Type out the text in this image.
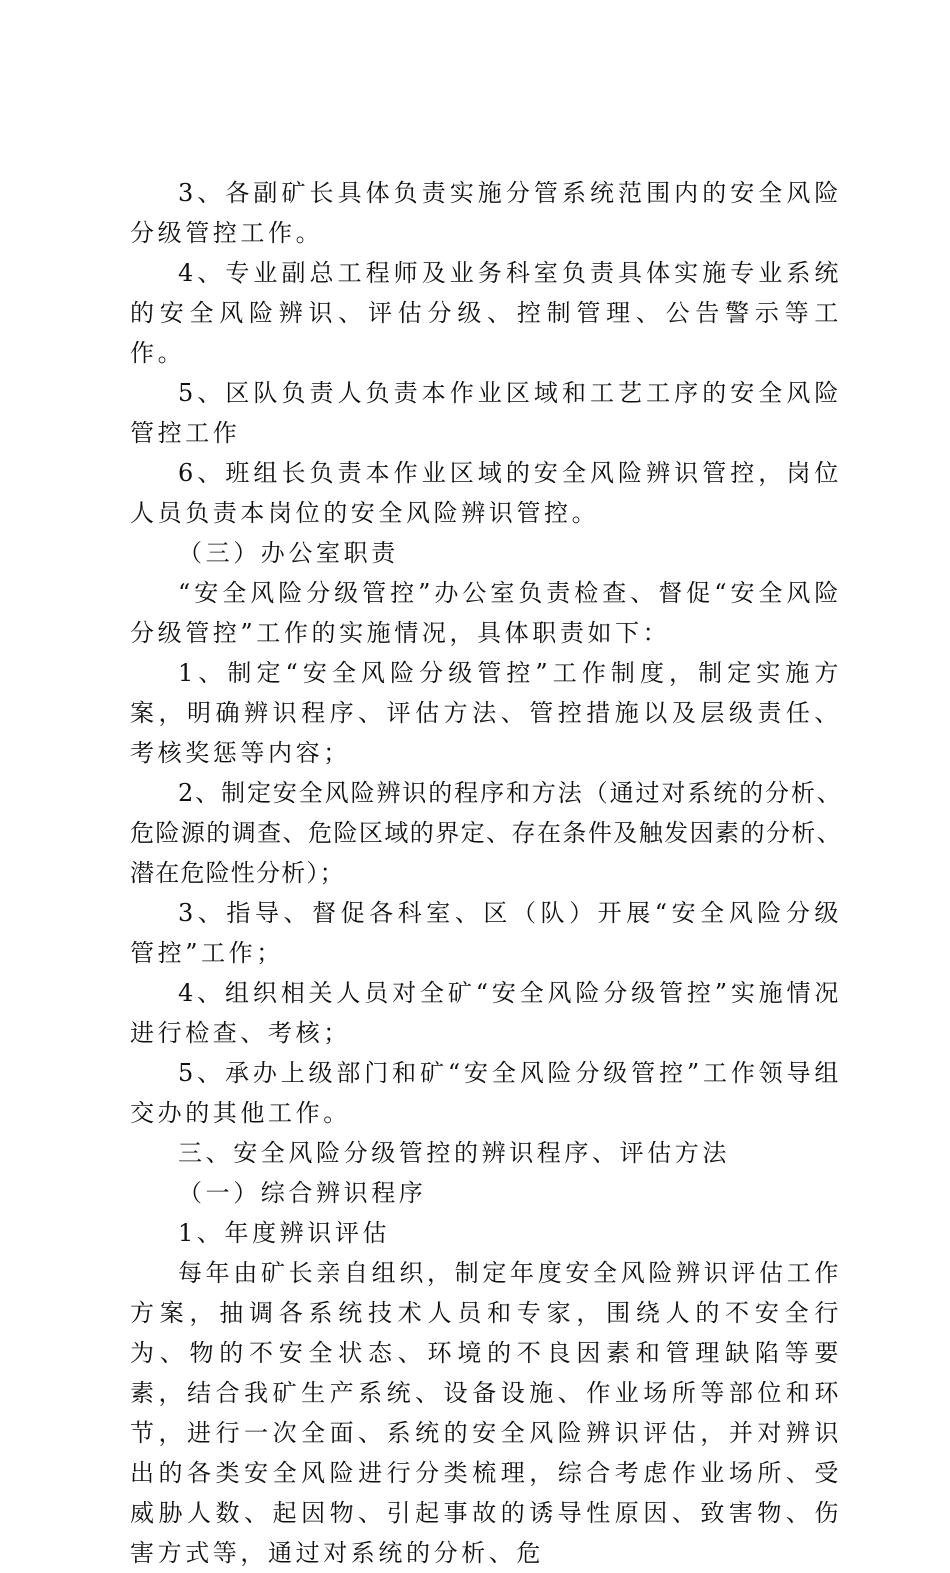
3、各副矿长具体负责实施分管系统范围内的安全风险分级管控工作。

4、专业副总工程师及业务科室负责具体实施专业系统的安全风险辨识、评估分级、控制管理、公告警示等工作。

5、区队负责人负责本作业区域和工艺工序的安全风险管控工作

6、班组长负责本作业区域的安全风险辨识管控，岗位人员负责本岗位的安全风险辨识管控。

（三）办公室职责

“安全风险分级管控”办公室负责检查、督促“安全风险分级管控”工作的实施情况，具体职责如下：

1、制定“安全风险分级管控”工作制度，制定实施方案，明确辨识程序、评估方法、管控措施以及层级责任、考核奖惩等内容；

2、制定安全风险辨识的程序和方法（通过对系统的分析、危险源的调查、危险区域的界定、存在条件及触发因素的分析、潜在危险性分析）；

3、指导、督促各科室、区（队）开展“安全风险分级管控”工作；

4、组织相关人员对全矿“安全风险分级管控”实施情况进行检查、考核；

5、承办上级部门和矿“安全风险分级管控”工作领导组交办的其他工作。

三、安全风险分级管控的辨识程序、评估方法

（一）综合辨识程序

1、年度辨识评估

每年由矿长亲自组织，制定年度安全风险辨识评估工作方案，抽调各系统技术人员和专家，围绕人的不安全行为、物的不安全状态、环境的不良因素和管理缺陷等要素，结合我矿生产系统、设备设施、作业场所等部位和环节，进行一次全面、系统的安全风险辨识评估，并对辨识出的各类安全风险进行分类梳理，综合考虑作业场所、受威胁人数、起因物、引起事故的诱导性原因、致害物、伤害方式等，通过对系统的分析、危
